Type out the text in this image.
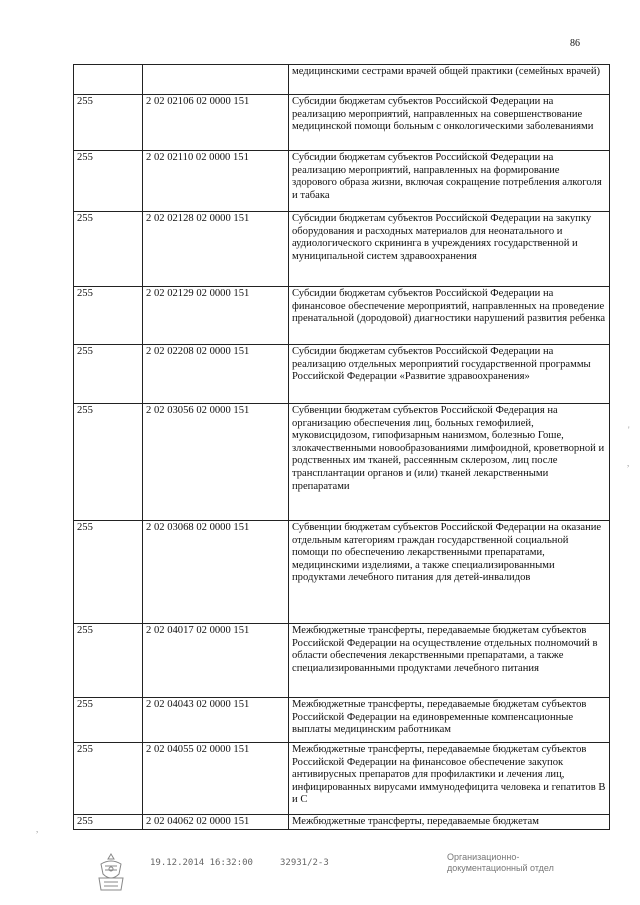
86
		медицинскими сестрами врачей общей практики (семейных врачей)
255	2 02 02106 02 0000 151	Субсидии бюджетам субъектов Российской Федерации на реализацию мероприятий, направленных на совершенствование медицинской помощи больным с онкологическими заболеваниями
255	2 02 02110 02 0000 151	Субсидии бюджетам субъектов Российской Федерации на реализацию мероприятий, направленных на формирование здорового образа жизни, включая сокращение потребления алкоголя и табака
255	2 02 02128 02 0000 151	Субсидии бюджетам субъектов Российской Федерации на закупку оборудования и расходных материалов для неонатального и аудиологического скрининга в учреждениях государственной и муниципальной систем здравоохранения
255	2 02 02129 02 0000 151	Субсидии бюджетам субъектов Российской Федерации на финансовое обеспечение мероприятий, направленных на проведение пренатальной (дородовой) диагностики нарушений развития ребенка
255	2 02 02208 02 0000 151	Субсидии бюджетам субъектов Российской Федерации на реализацию отдельных мероприятий государственной программы Российской Федерации «Развитие здравоохранения»
255	2 02 03056 02 0000 151	Субвенции бюджетам субъектов Российской Федерация на организацию обеспечения лиц, больных гемофилией, муковисцидозом, гипофизарным нанизмом, болезнью Гоше, злокачественными новообразованиями лимфоидной, кроветворной и родственных им тканей, рассеянным склерозом, лиц после трансплантации органов и (или) тканей лекарственными препаратами
255	2 02 03068 02 0000 151	Субвенции бюджетам субъектов Российской Федерации на оказание отдельным категориям граждан государственной социальной помощи по обеспечению лекарственными препаратами, медицинскими изделиями, а также специализированными продуктами лечебного питания для детей-инвалидов
255	2 02 04017 02 0000 151	Межбюджетные трансферты, передаваемые бюджетам субъектов Российской Федерации на осуществление отдельных полномочий в области обеспечения лекарственными препаратами, а также специализированными продуктами лечебного питания
255	2 02 04043 02 0000 151	Межбюджетные трансферты, передаваемые бюджетам субъектов Российской Федерации на единовременные компенсационные выплаты медицинским работникам
255	2 02 04055 02 0000 151	Межбюджетные трансферты, передаваемые бюджетам субъектов Российской Федерации на финансовое обеспечение закупок антивирусных препаратов для профилактики и лечения лиц, инфицированных вирусами иммунодефицита человека и гепатитов В и С
255	2 02 04062 02 0000 151	Межбюджетные трансферты, передаваемые бюджетам
'
,
,
19.12.2014 16:32:00	32931/2-3
Организационно-
документационный отдел
